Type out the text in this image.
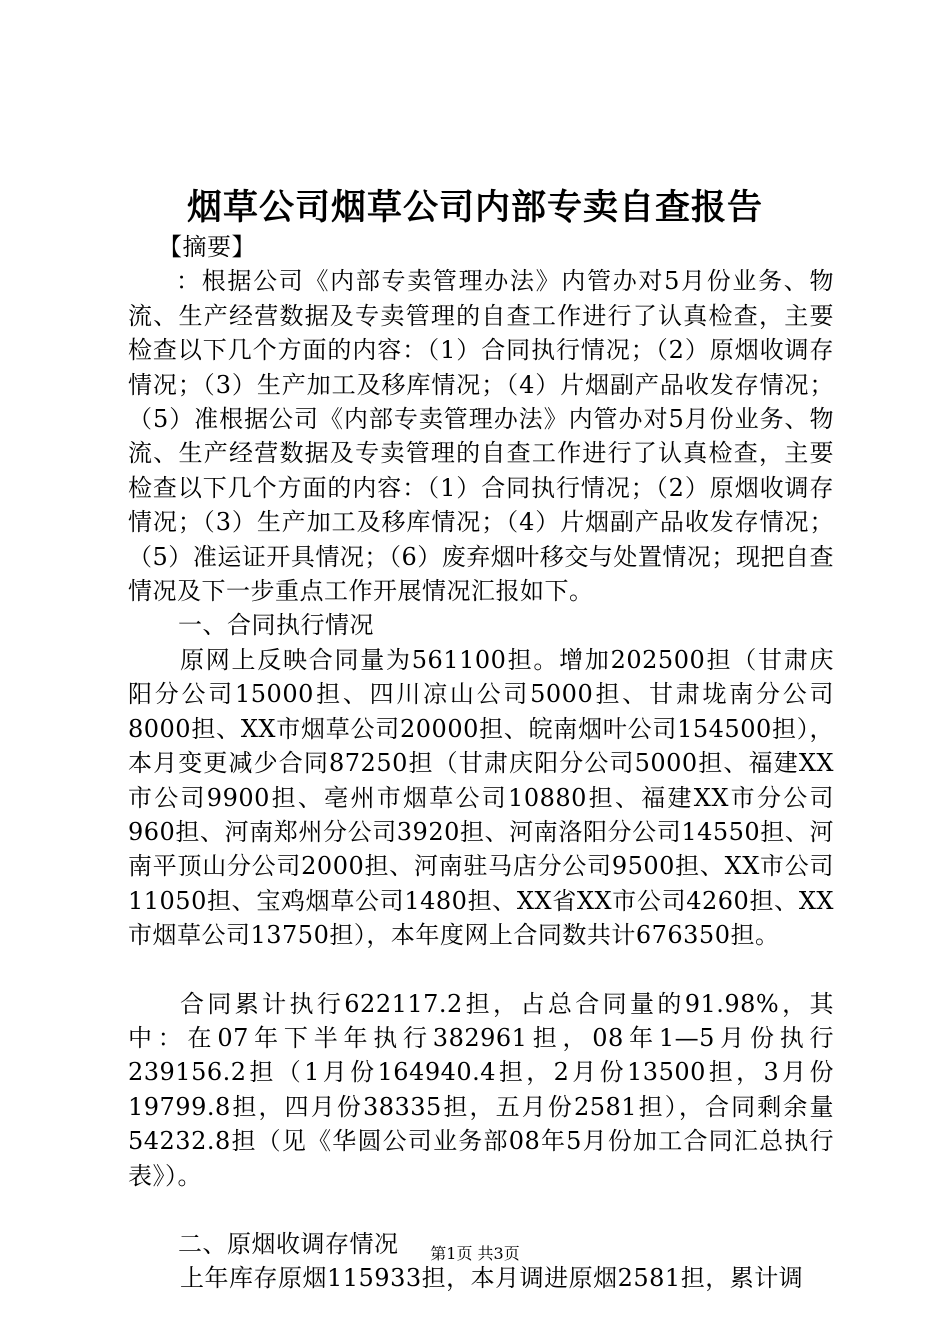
烟草公司烟草公司内部专卖自查报告

【摘要】

：根据公司《内部专卖管理办法》内管办对5月份业务、物流、生产经营数据及专卖管理的自查工作进行了认真检查，主要检查以下几个方面的内容：（1）合同执行情况；（2）原烟收调存情况；（3）生产加工及移库情况；（4）片烟副产品收发存情况；（5）准根据公司《内部专卖管理办法》内管办对5月份业务、物流、生产经营数据及专卖管理的自查工作进行了认真检查，主要检查以下几个方面的内容：（1）合同执行情况；（2）原烟收调存情况；（3）生产加工及移库情况；（4）片烟副产品收发存情况；（5）准运证开具情况；（6）废弃烟叶移交与处置情况；现把自查情况及下一步重点工作开展情况汇报如下。

一、合同执行情况

原网上反映合同量为561100担。增加202500担（甘肃庆阳分公司15000担、四川凉山公司5000担、甘肃垅南分公司8000担、XX市烟草公司20000担、皖南烟叶公司154500担），本月变更减少合同87250担（甘肃庆阳分公司5000担、福建XX市公司9900担、亳州市烟草公司10880担、福建XX市分公司960担、河南郑州分公司3920担、河南洛阳分公司14550担、河南平顶山分公司2000担、河南驻马店分公司9500担、XX市公司11050担、宝鸡烟草公司1480担、XX省XX市公司4260担、XX市烟草公司13750担），本年度网上合同数共计676350担。

合同累计执行622117.2担，占总合同量的91.98%，其中：在07年下半年执行382961担，08年1—5月份执行239156.2担（1月份164940.4担，2月份13500担，3月份19799.8担，四月份38335担，五月份2581担），合同剩余量54232.8担（见《华圆公司业务部08年5月份加工合同汇总执行表》）。

二、原烟收调存情况

上年库存原烟115933担，本月调进原烟2581担，累计调

第1页 共3页
